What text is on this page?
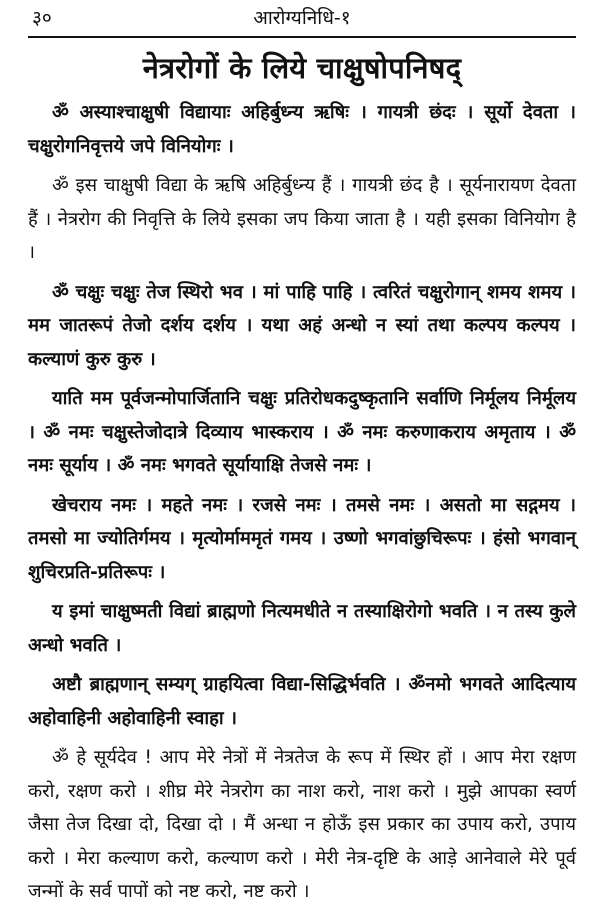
३०	आरोग्यनिधि-१
नेत्ररोगों के लिये चाक्षुषोपनिषद्

ॐ अस्याश्चाक्षुषी विद्यायाः अहिर्बुध्न्य ऋषिः । गायत्री छंदः । सूर्यो देवता । चक्षुरोगनिवृत्तये जपे विनियोगः ।

ॐ इस चाक्षुषी विद्या के ऋषि अहिर्बुध्न्य हैं । गायत्री छंद है । सूर्यनारायण देवता हैं । नेत्ररोग की निवृत्ति के लिये इसका जप किया जाता है । यही इसका विनियोग है ।

ॐ चक्षुः चक्षुः तेज स्थिरो भव । मां पाहि पाहि । त्वरितं चक्षुरोगान् शमय शमय । मम जातरूपं तेजो दर्शय दर्शय । यथा अहं अन्धो न स्यां तथा कल्पय कल्पय । कल्याणं कुरु कुरु ।

याति मम पूर्वजन्मोपार्जितानि चक्षुः प्रतिरोधकदुष्कृतानि सर्वाणि निर्मूलय निर्मूलय । ॐ नमः चक्षुस्तेजोदात्रे दिव्याय भास्कराय । ॐ नमः करुणाकराय अमृताय । ॐ नमः सूर्याय । ॐ नमः भगवते सूर्यायाक्षि तेजसे नमः ।

खेचराय नमः । महते नमः । रजसे नमः । तमसे नमः । असतो मा सद्गमय । तमसो मा ज्योतिर्गमय । मृत्योर्माममृतं गमय । उष्णो भगवांछुचिरूपः । हंसो भगवान् शुचिरप्रति-प्रतिरूपः ।

य इमां चाक्षुष्मती विद्यां ब्राह्मणो नित्यमधीते न तस्याक्षिरोगो भवति । न तस्य कुले अन्धो भवति ।

अष्टौ ब्राह्मणान् सम्यग् ग्राहयित्वा विद्या-सिद्धिर्भवति । ॐनमो भगवते आदित्याय अहोवाहिनी अहोवाहिनी स्वाहा ।

ॐ हे सूर्यदेव ! आप मेरे नेत्रों में नेत्रतेज के रूप में स्थिर हों । आप मेरा रक्षण करो, रक्षण करो । शीघ्र मेरे नेत्ररोग का नाश करो, नाश करो । मुझे आपका स्वर्ण जैसा तेज दिखा दो, दिखा दो । मैं अन्धा न होऊँ इस प्रकार का उपाय करो, उपाय करो । मेरा कल्याण करो, कल्याण करो । मेरी नेत्र-दृष्टि के आड़े आनेवाले मेरे पूर्व जन्मों के सर्व पापों को नष्ट करो, नष्ट करो ।
